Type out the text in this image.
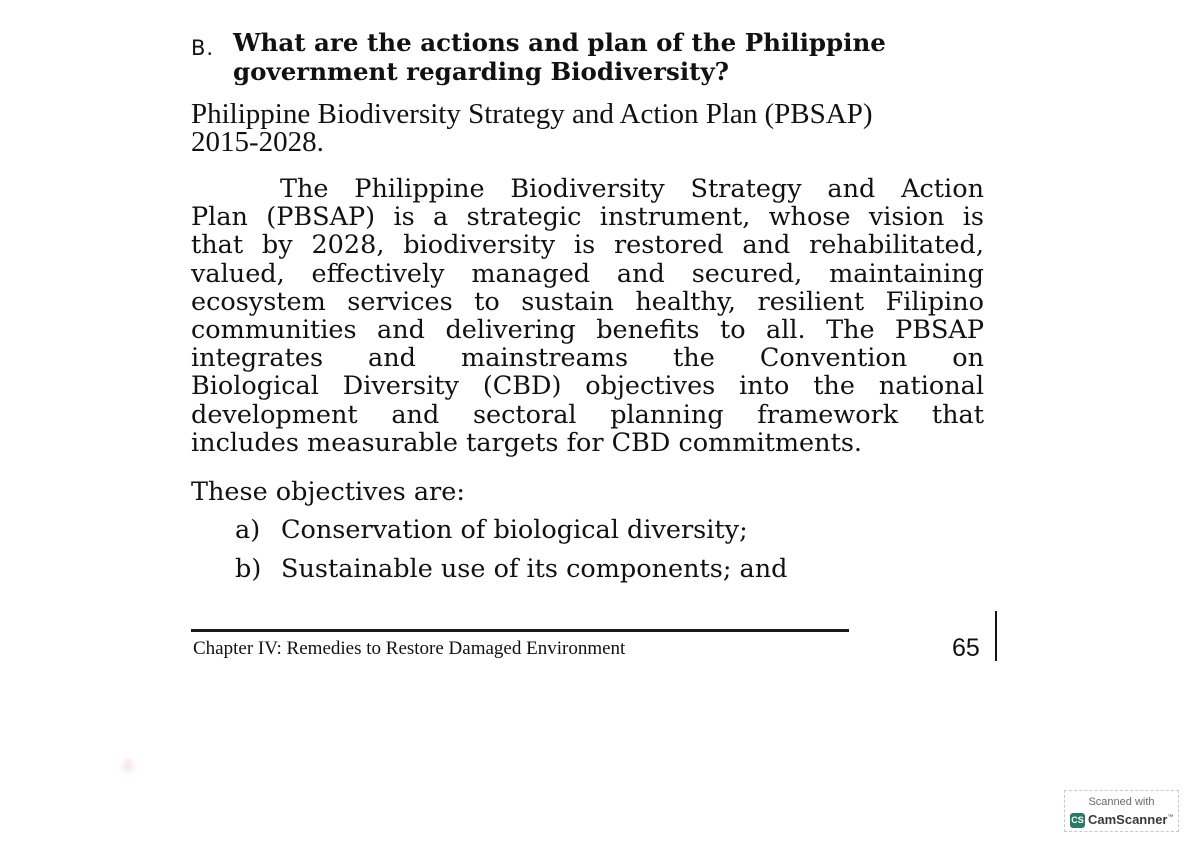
B. What are the actions and plan of the Philippine
government regarding Biodiversity?
Philippine Biodiversity Strategy and Action Plan (PBSAP)
2015-2028.
The Philippine Biodiversity Strategy and Action
Plan (PBSAP) is a strategic instrument, whose vision is
that by 2028, biodiversity is restored and rehabilitated,
valued, effectively managed and secured, maintaining
ecosystem services to sustain healthy, resilient Filipino
communities and delivering benefits to all. The PBSAP
integrates and mainstreams the Convention on
Biological Diversity (CBD) objectives into the national
development and sectoral planning framework that
includes measurable targets for CBD commitments.
These objectives are:
a) Conservation of biological diversity;
b) Sustainable use of its components; and
Chapter IV: Remedies to Restore Damaged Environment	65
Scanned with
CS CamScanner™
